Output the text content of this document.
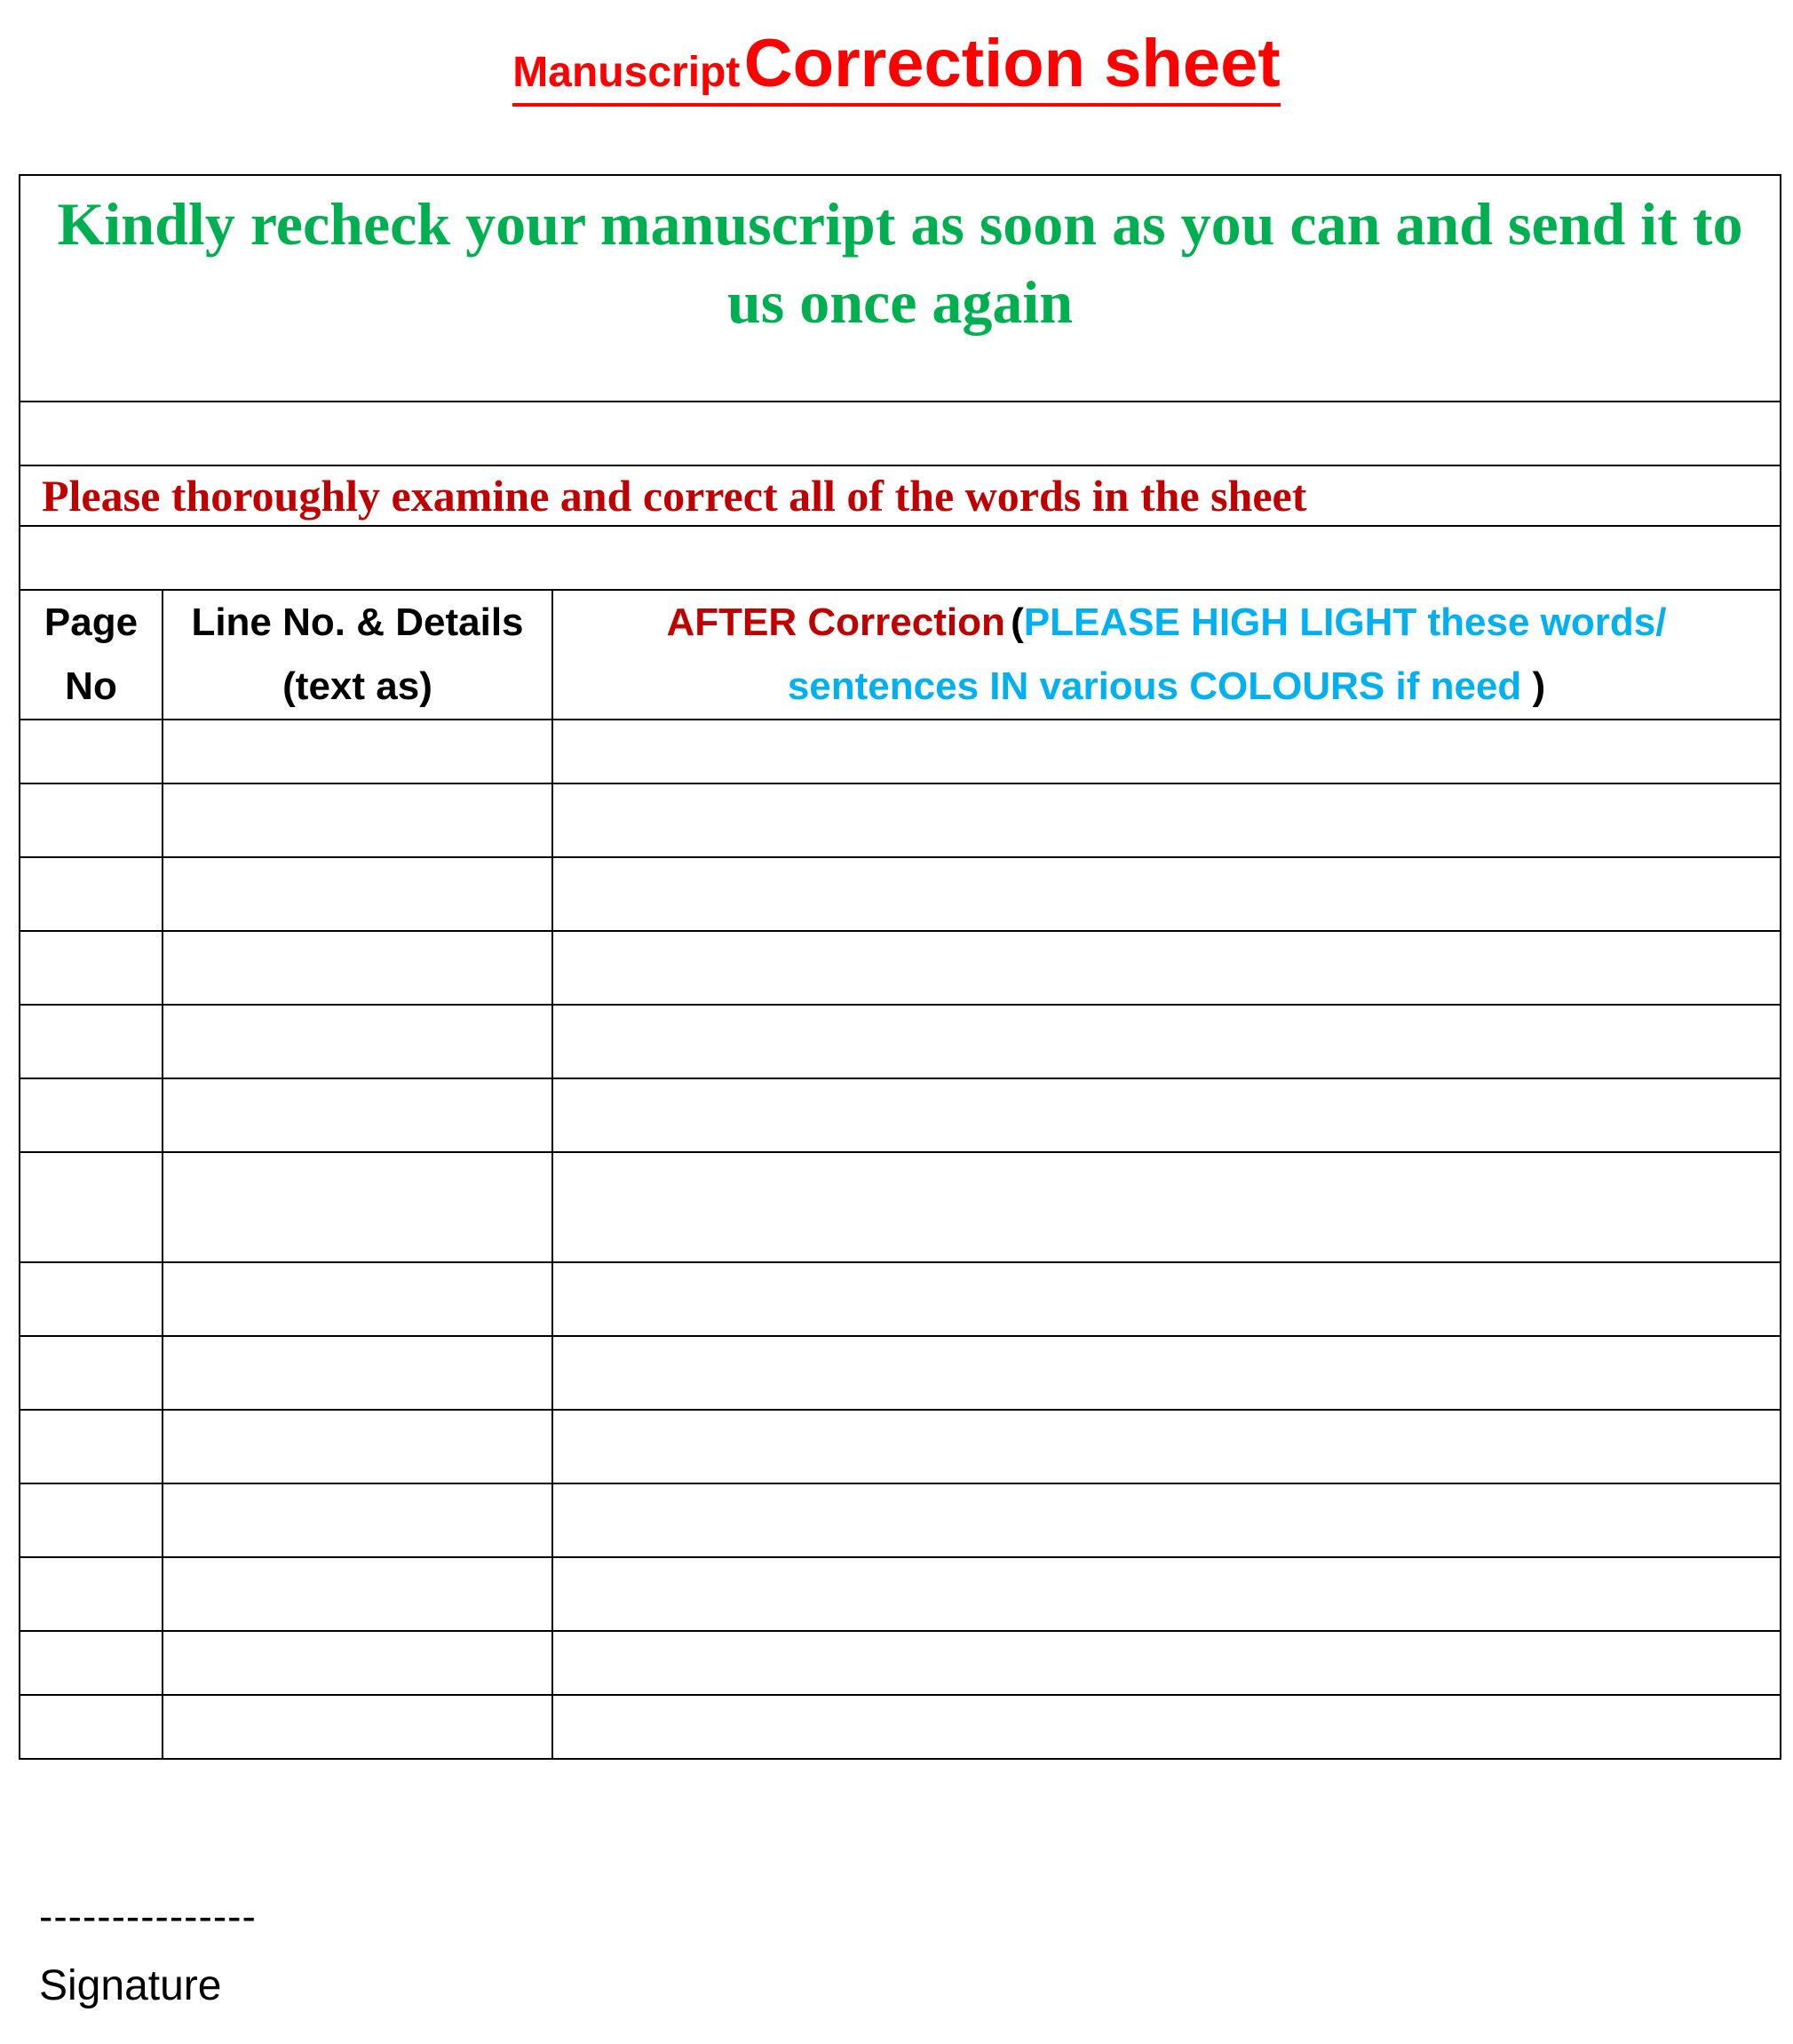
Manuscript Correction sheet
Kindly recheck your manuscript as soon as you can and send it to us once again		

Please thoroughly examine and correct all of the words in the sheet		

Page No	Line No. & Details (text as)	AFTER Correction (PLEASE HIGH LIGHT these words/ sentences IN various COLOURS if need )

---------------
Signature
